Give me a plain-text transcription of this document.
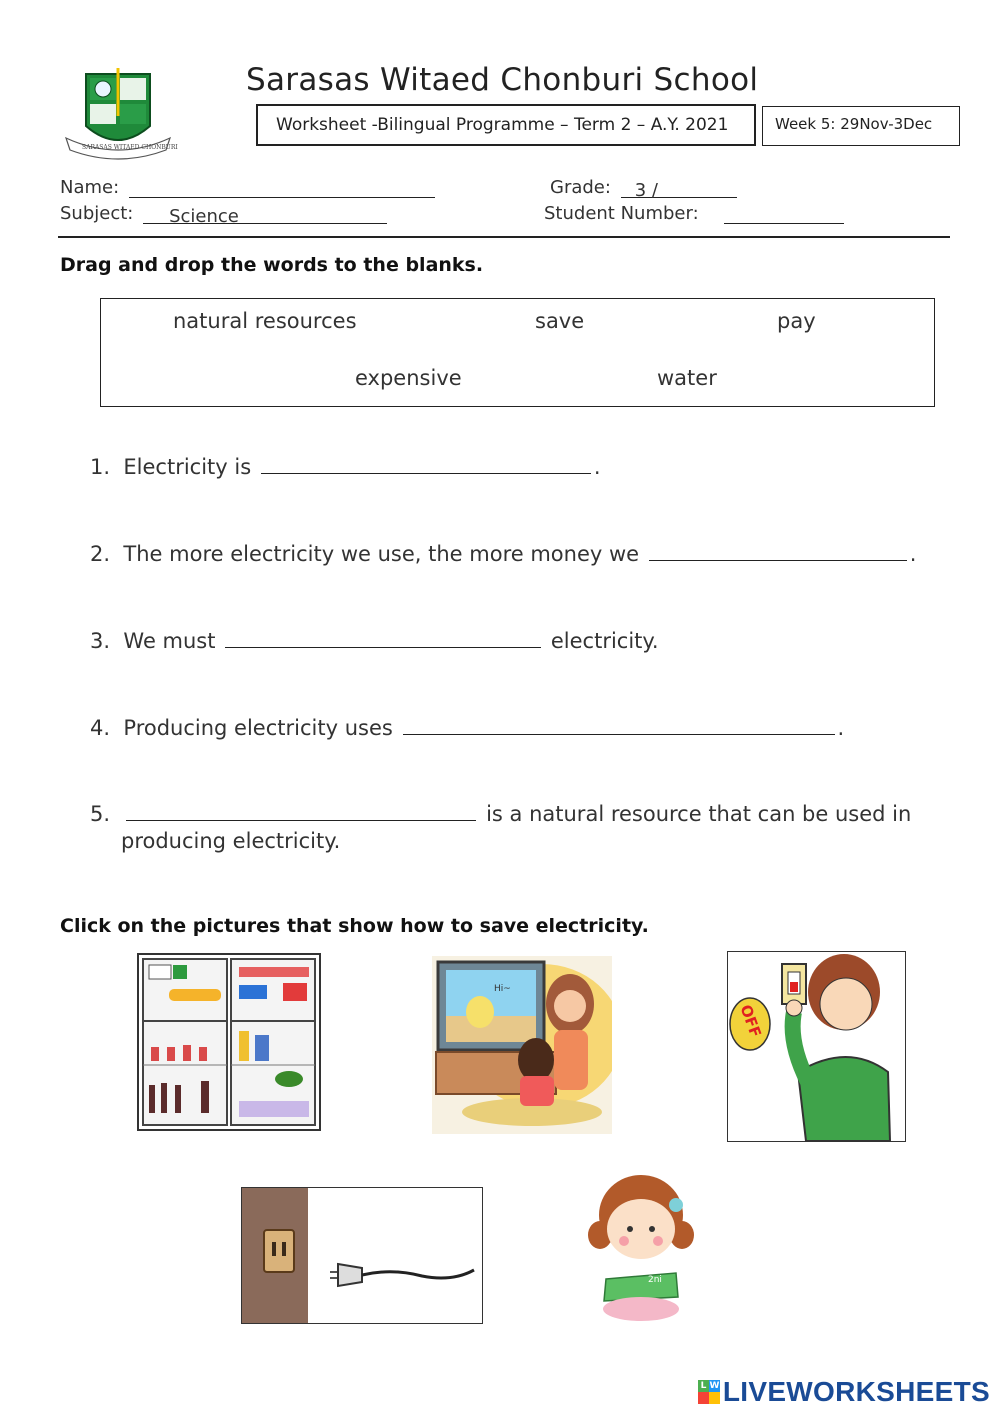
SARASAS WITAED CHONBURI
Sarasas Witaed Chonburi School
Worksheet -Bilingual Programme – Term 2 – A.Y. 2021	Week 5: 29Nov-3Dec
Name:
Subject: Science
Grade: 3 /
Student Number:
Drag and drop the words to the blanks.
natural resources	save	pay
expensive	water
1. Electricity is	.
2. The more electricity we use, the more money we	.
3. We must	electricity.
4. Producing electricity uses	.
5.	is a natural resource that can be used in
producing electricity.
Click on the pictures that show how to save electricity.
Hi~
OFF
2ni
L W LIVEWORKSHEETS
